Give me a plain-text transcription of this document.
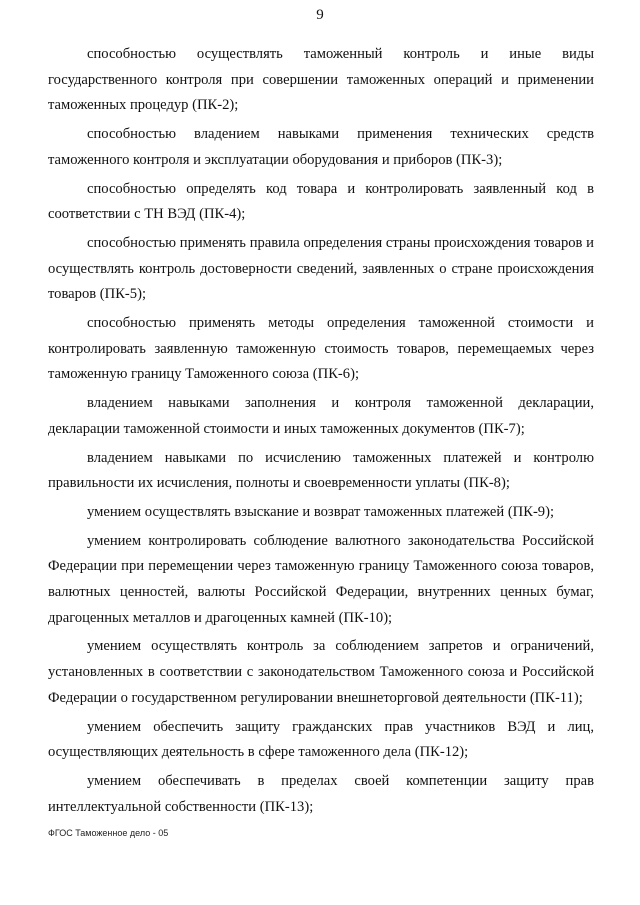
9

способностью осуществлять таможенный контроль и иные виды государственного контроля при совершении таможенных операций и применении таможенных процедур (ПК-2);

способностью владением навыками применения технических средств таможенного контроля и эксплуатации оборудования и приборов (ПК-3);

способностью определять код товара и контролировать заявленный код в соответствии с ТН ВЭД (ПК-4);

способностью применять правила определения страны происхождения товаров и осуществлять контроль достоверности сведений, заявленных о стране происхождения товаров (ПК-5);

способностью применять методы определения таможенной стоимости и контролировать заявленную таможенную стоимость товаров, перемещаемых через таможенную границу Таможенного союза (ПК-6);

владением навыками заполнения и контроля таможенной декларации, декларации таможенной стоимости и иных таможенных документов (ПК-7);

владением навыками по исчислению таможенных платежей и контролю правильности их исчисления, полноты и своевременности уплаты (ПК-8);

умением осуществлять взыскание и возврат таможенных платежей (ПК-9);

умением контролировать соблюдение валютного законодательства Российской Федерации при перемещении через таможенную границу Таможенного союза товаров, валютных ценностей, валюты Российской Федерации, внутренних ценных бумаг, драгоценных металлов и драгоценных камней (ПК-10);

умением осуществлять контроль за соблюдением запретов и ограничений, установленных в соответствии с законодательством Таможенного союза и Российской Федерации о государственном регулировании внешнеторговой деятельности (ПК-11);

умением обеспечить защиту гражданских прав участников ВЭД и лиц, осуществляющих деятельность в сфере таможенного дела (ПК-12);

умением обеспечивать в пределах своей компетенции защиту прав интеллектуальной собственности (ПК-13);

ФГОС Таможенное дело - 05
